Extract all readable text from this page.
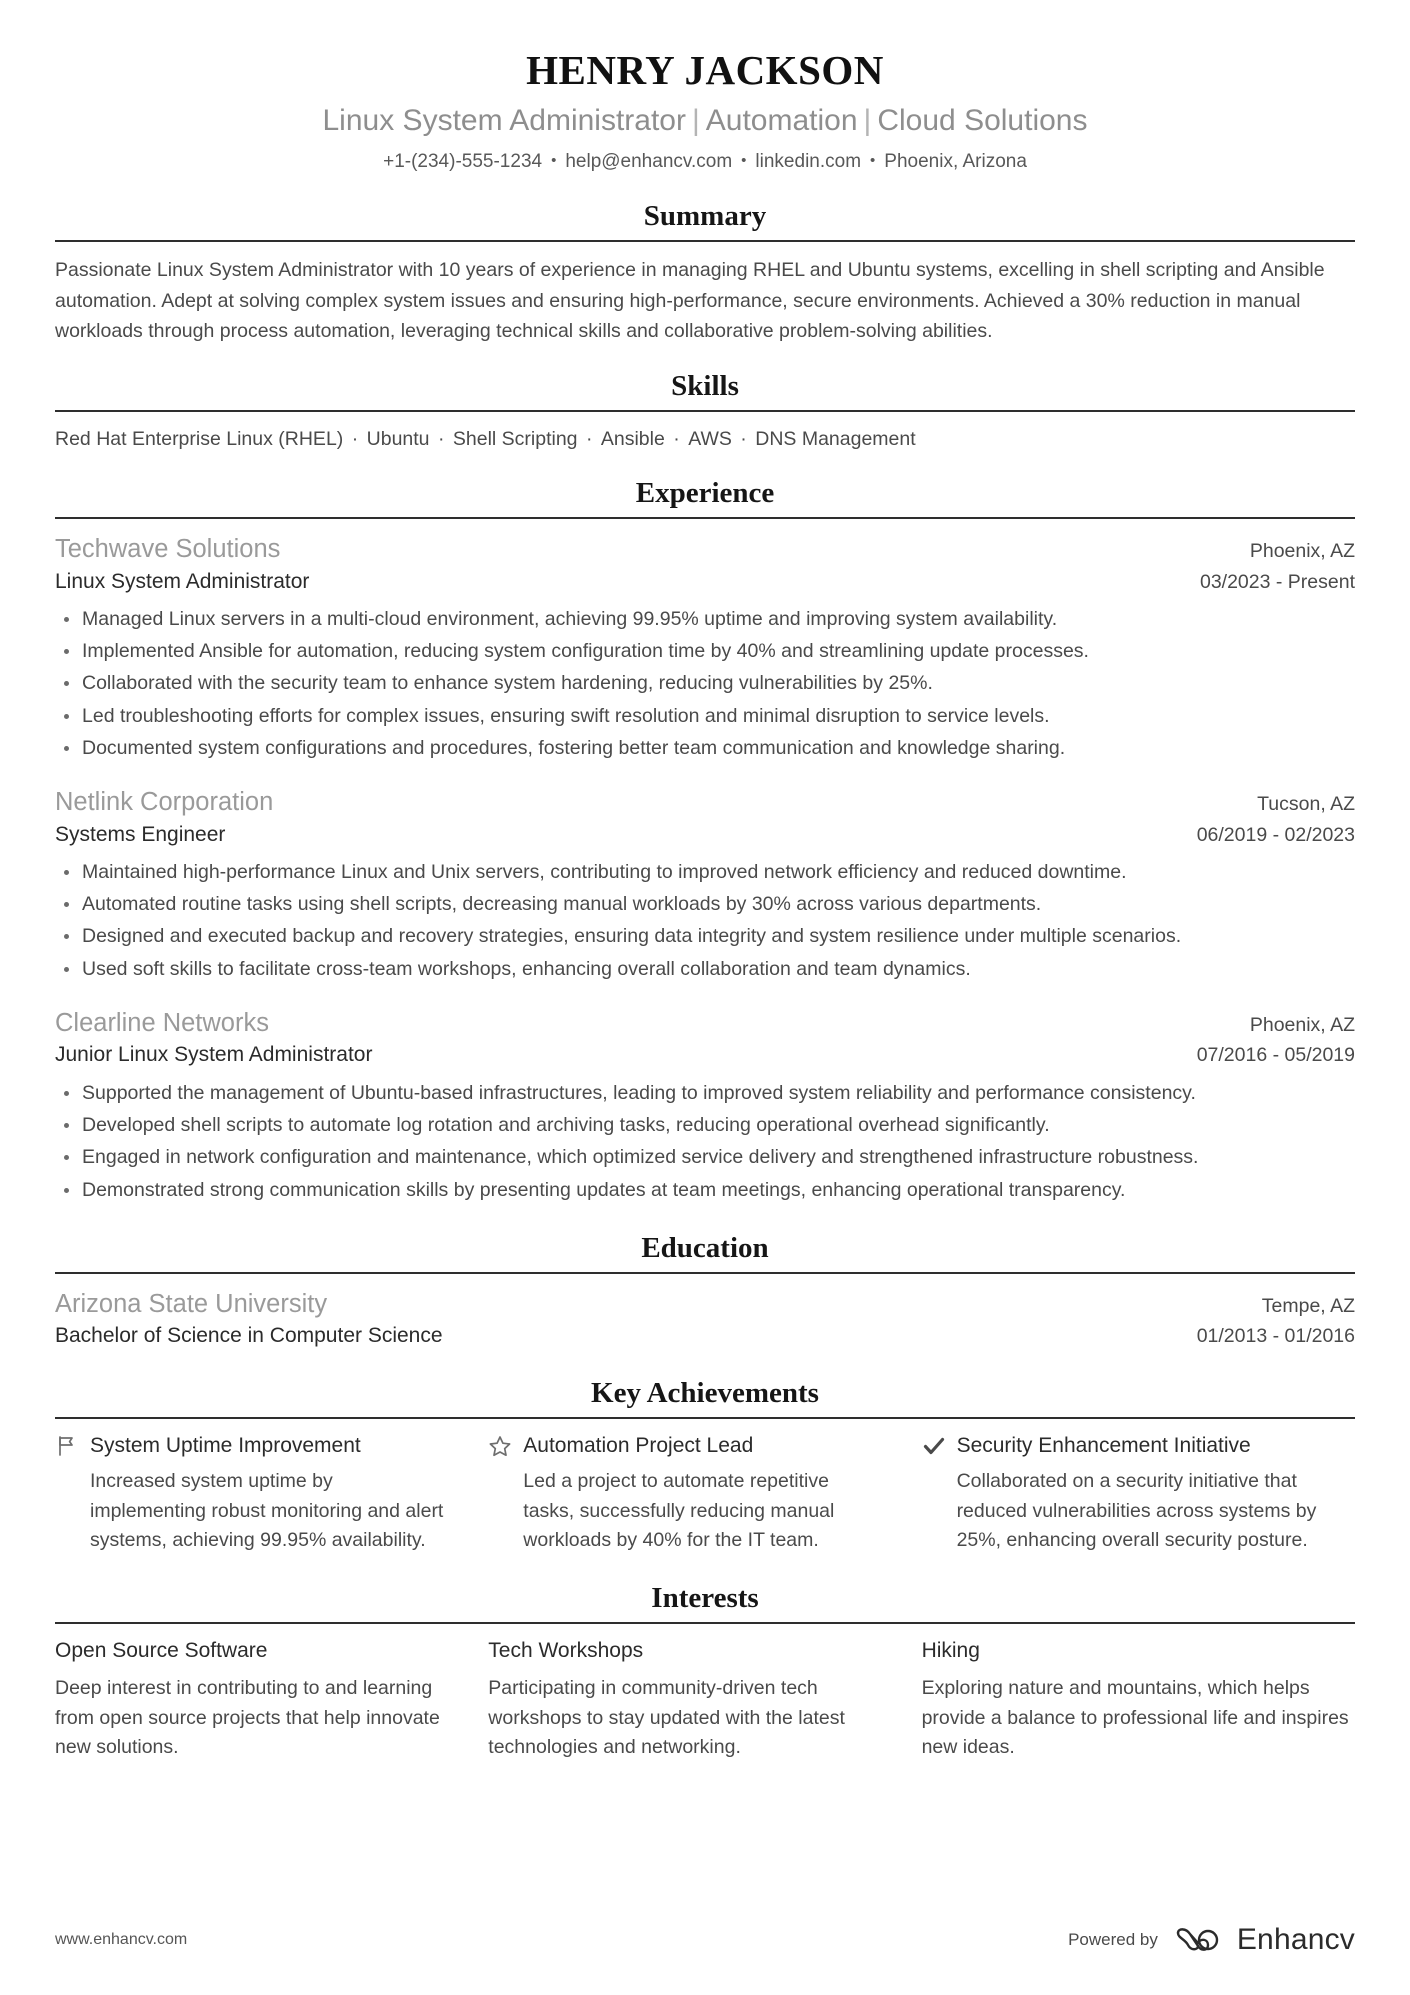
HENRY JACKSON
Linux System Administrator | Automation | Cloud Solutions
+1-(234)-555-1234 • help@enhancv.com • linkedin.com • Phoenix, Arizona
Summary
Passionate Linux System Administrator with 10 years of experience in managing RHEL and Ubuntu systems, excelling in shell scripting and Ansible automation. Adept at solving complex system issues and ensuring high-performance, secure environments. Achieved a 30% reduction in manual workloads through process automation, leveraging technical skills and collaborative problem-solving abilities.
Skills
Red Hat Enterprise Linux (RHEL) · Ubuntu · Shell Scripting · Ansible · AWS · DNS Management
Experience
Techwave Solutions	Phoenix, AZ
Linux System Administrator	03/2023 - Present
Managed Linux servers in a multi-cloud environment, achieving 99.95% uptime and improving system availability.
Implemented Ansible for automation, reducing system configuration time by 40% and streamlining update processes.
Collaborated with the security team to enhance system hardening, reducing vulnerabilities by 25%.
Led troubleshooting efforts for complex issues, ensuring swift resolution and minimal disruption to service levels.
Documented system configurations and procedures, fostering better team communication and knowledge sharing.
Netlink Corporation	Tucson, AZ
Systems Engineer	06/2019 - 02/2023
Maintained high-performance Linux and Unix servers, contributing to improved network efficiency and reduced downtime.
Automated routine tasks using shell scripts, decreasing manual workloads by 30% across various departments.
Designed and executed backup and recovery strategies, ensuring data integrity and system resilience under multiple scenarios.
Used soft skills to facilitate cross-team workshops, enhancing overall collaboration and team dynamics.
Clearline Networks	Phoenix, AZ
Junior Linux System Administrator	07/2016 - 05/2019
Supported the management of Ubuntu-based infrastructures, leading to improved system reliability and performance consistency.
Developed shell scripts to automate log rotation and archiving tasks, reducing operational overhead significantly.
Engaged in network configuration and maintenance, which optimized service delivery and strengthened infrastructure robustness.
Demonstrated strong communication skills by presenting updates at team meetings, enhancing operational transparency.
Education
Arizona State University	Tempe, AZ
Bachelor of Science in Computer Science	01/2013 - 01/2016
Key Achievements
System Uptime Improvement
Increased system uptime by implementing robust monitoring and alert systems, achieving 99.95% availability.
Automation Project Lead
Led a project to automate repetitive tasks, successfully reducing manual workloads by 40% for the IT team.
Security Enhancement Initiative
Collaborated on a security initiative that reduced vulnerabilities across systems by 25%, enhancing overall security posture.
Interests
Open Source Software
Deep interest in contributing to and learning from open source projects that help innovate new solutions.
Tech Workshops
Participating in community-driven tech workshops to stay updated with the latest technologies and networking.
Hiking
Exploring nature and mountains, which helps provide a balance to professional life and inspires new ideas.
www.enhancv.com	Powered by	Enhancv
